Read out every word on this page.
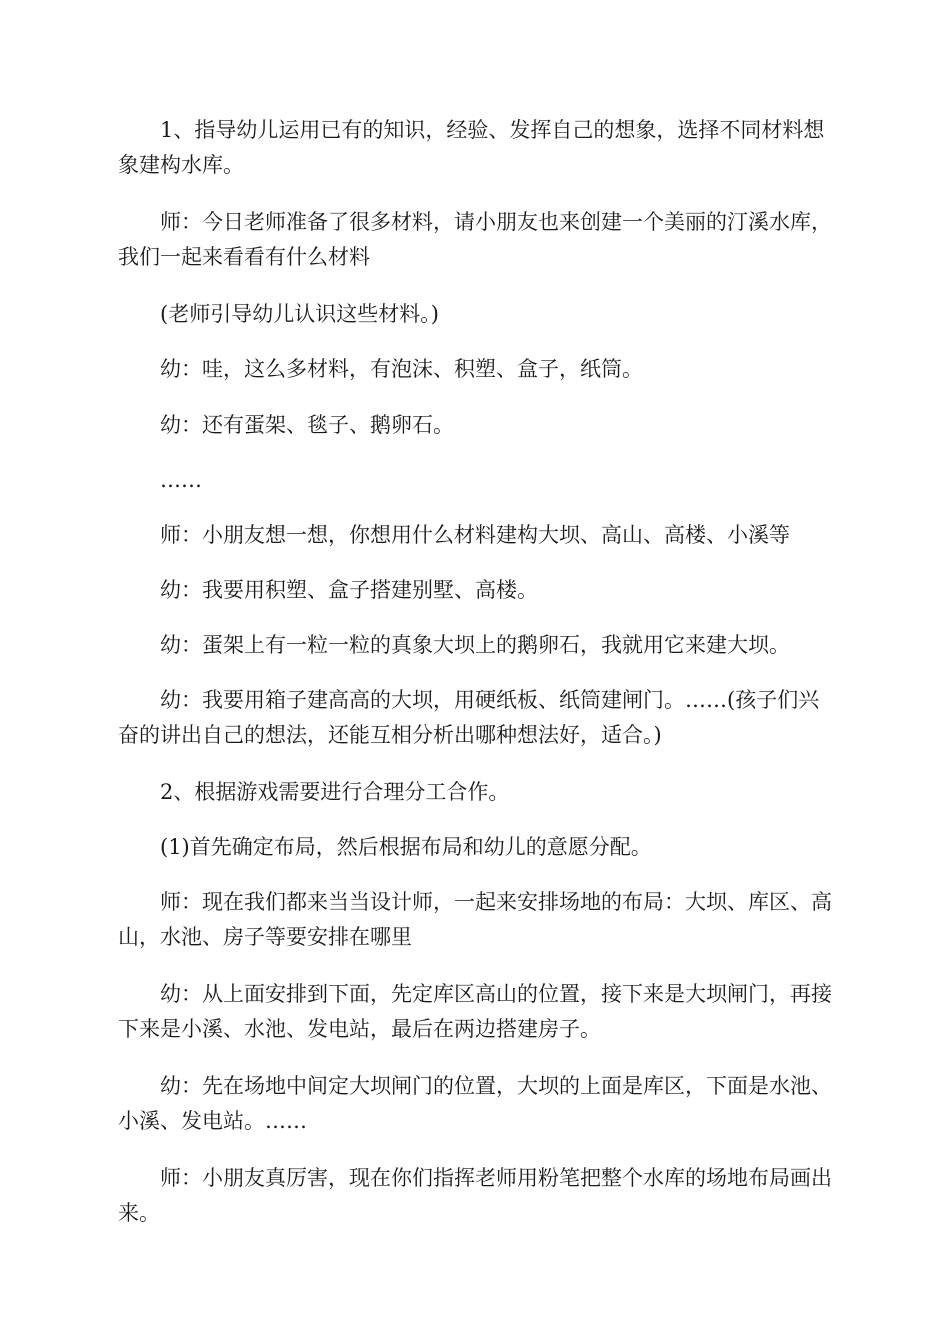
1、指导幼儿运用已有的知识，经验、发挥自己的想象，选择不同材料想象建构水库。

师：今日老师准备了很多材料，请小朋友也来创建一个美丽的汀溪水库，我们一起来看看有什么材料

(老师引导幼儿认识这些材料。)

幼：哇，这么多材料，有泡沫、积塑、盒子，纸筒。

幼：还有蛋架、毯子、鹅卵石。

……

师：小朋友想一想，你想用什么材料建构大坝、高山、高楼、小溪等

幼：我要用积塑、盒子搭建别墅、高楼。

幼：蛋架上有一粒一粒的真象大坝上的鹅卵石，我就用它来建大坝。

幼：我要用箱子建高高的大坝，用硬纸板、纸筒建闸门。……(孩子们兴奋的讲出自己的想法，还能互相分析出哪种想法好，适合。)

2、根据游戏需要进行合理分工合作。

(1)首先确定布局，然后根据布局和幼儿的意愿分配。

师：现在我们都来当当设计师，一起来安排场地的布局：大坝、库区、高山，水池、房子等要安排在哪里

幼：从上面安排到下面，先定库区高山的位置，接下来是大坝闸门，再接下来是小溪、水池、发电站，最后在两边搭建房子。

幼：先在场地中间定大坝闸门的位置，大坝的上面是库区，下面是水池、小溪、发电站。……

师：小朋友真厉害，现在你们指挥老师用粉笔把整个水库的场地布局画出来。
